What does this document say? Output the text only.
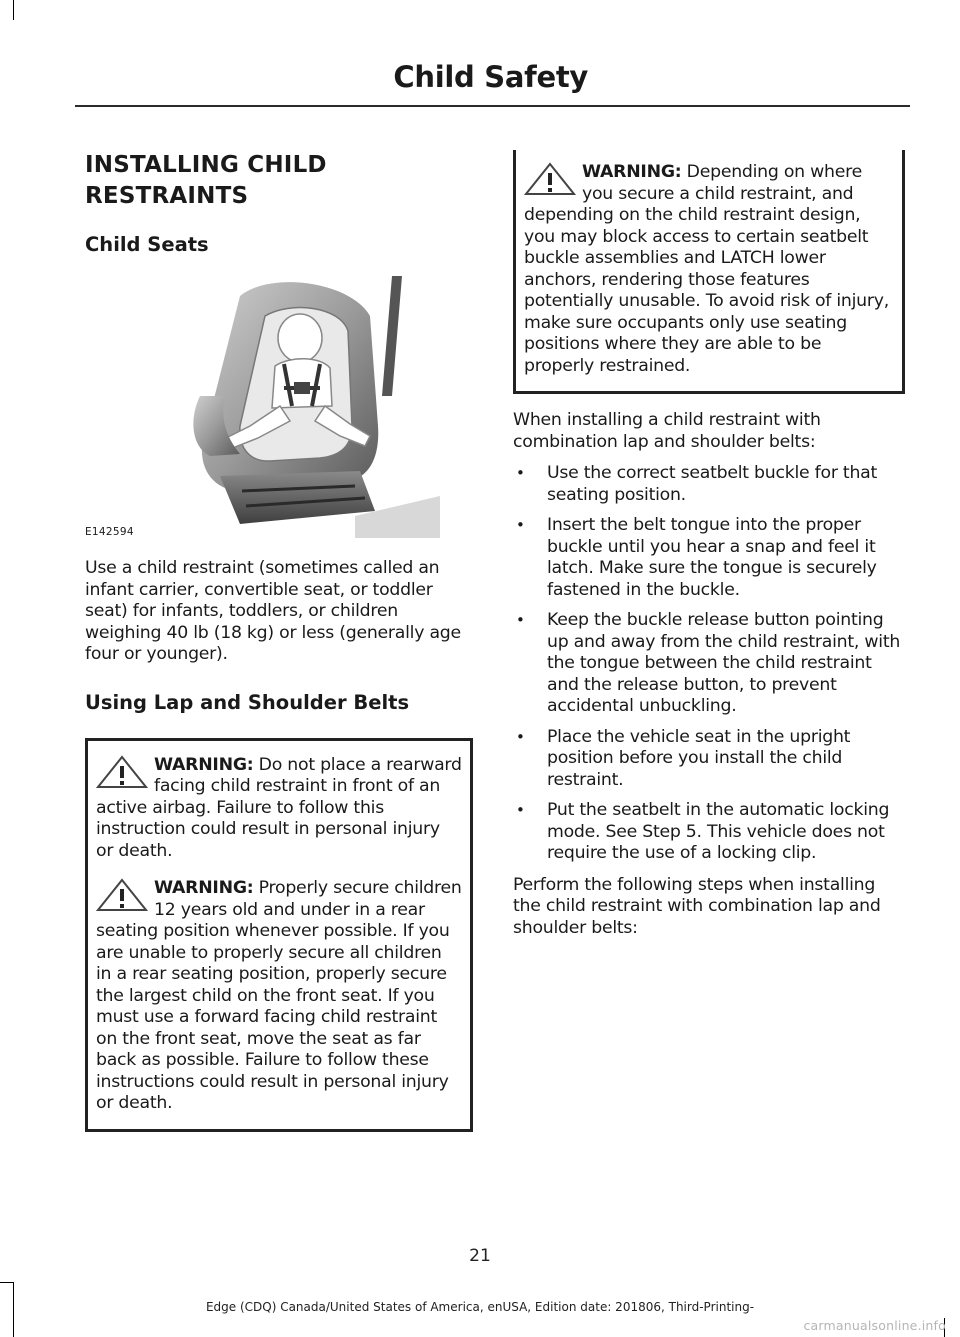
Child Safety
INSTALLING CHILD RESTRAINTS
Child Seats
E142594

Use a child restraint (sometimes called an infant carrier, convertible seat, or toddler seat) for infants, toddlers, or children weighing 40 lb (18 kg) or less (generally age four or younger).

Using Lap and Shoulder Belts
WARNING: Do not place a rearward facing child restraint in front of an active airbag. Failure to follow this instruction could result in personal injury or death.
WARNING: Properly secure children 12 years old and under in a rear seating position whenever possible. If you are unable to properly secure all children in a rear seating position, properly secure the largest child on the front seat. If you must use a forward facing child restraint on the front seat, move the seat as far back as possible. Failure to follow these instructions could result in personal injury or death.
WARNING: Depending on where you secure a child restraint, and depending on the child restraint design, you may block access to certain seatbelt buckle assemblies and LATCH lower anchors, rendering those features potentially unusable. To avoid risk of injury, make sure occupants only use seating positions where they are able to be properly restrained.

When installing a child restraint with combination lap and shoulder belts:

• Use the correct seatbelt buckle for that seating position.
• Insert the belt tongue into the proper buckle until you hear a snap and feel it latch. Make sure the tongue is securely fastened in the buckle.
• Keep the buckle release button pointing up and away from the child restraint, with the tongue between the child restraint and the release button, to prevent accidental unbuckling.
• Place the vehicle seat in the upright position before you install the child restraint.
• Put the seatbelt in the automatic locking mode. See Step 5. This vehicle does not require the use of a locking clip.

Perform the following steps when installing the child restraint with combination lap and shoulder belts:

21
Edge (CDQ) Canada/United States of America, enUSA, Edition date: 201806, Third-Printing-
carmanualsonline.info
